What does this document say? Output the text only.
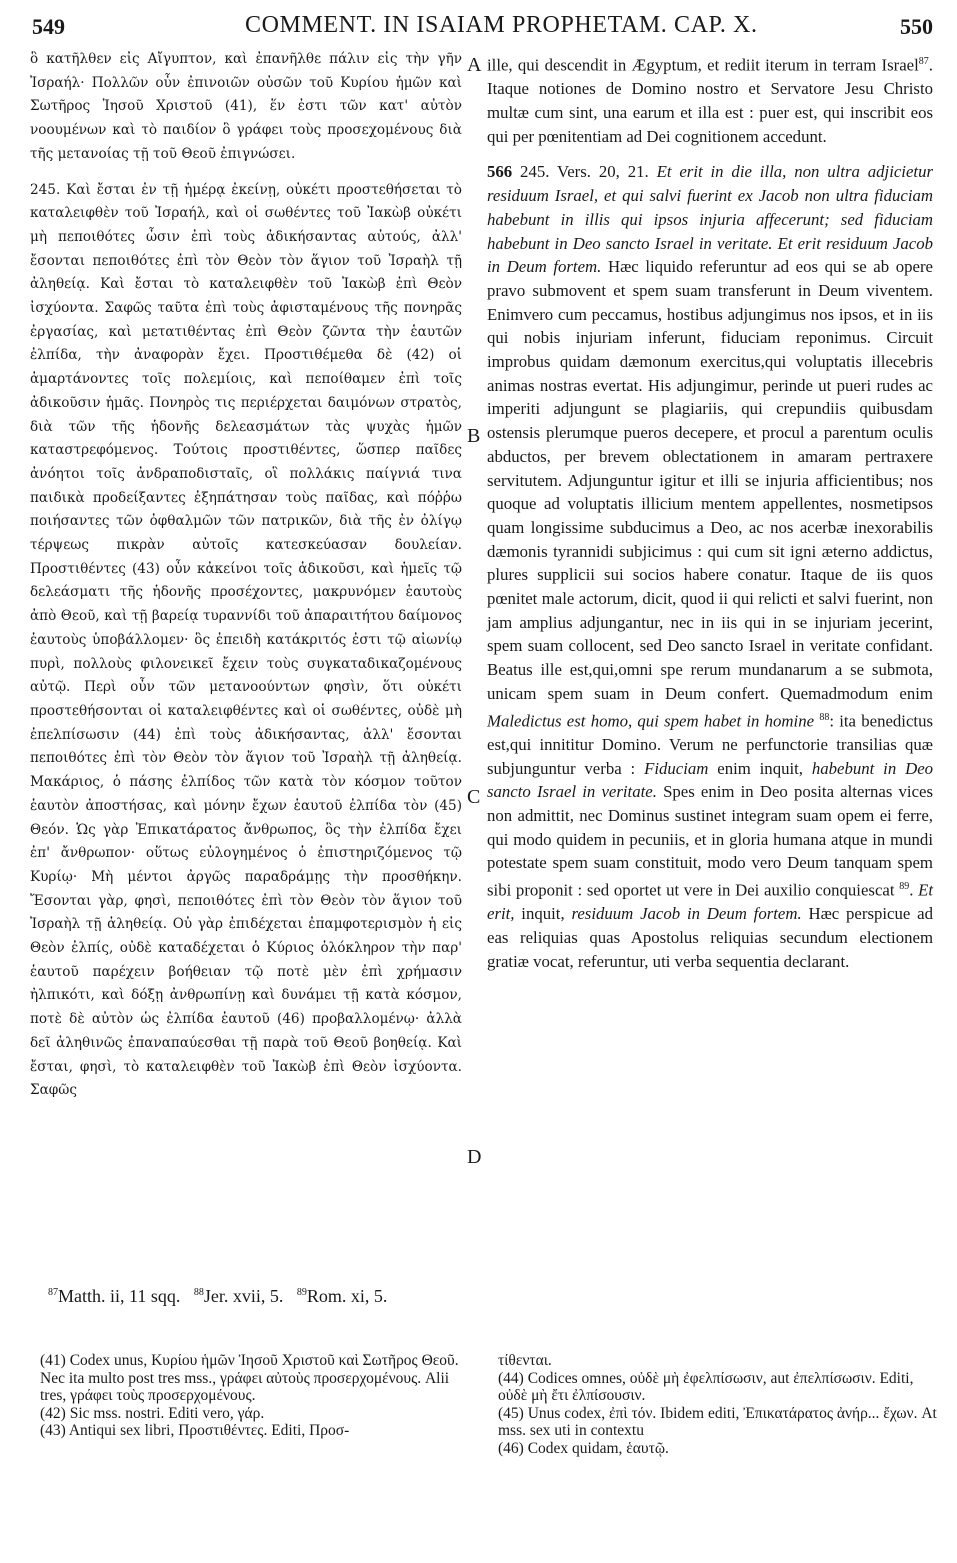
549	COMMENT. IN ISAIAM PROPHETAM. CAP. X.	550

ὃ κατῆλθεν εἰς Αἴγυπτον, καὶ ἐπανῆλθε πάλιν εἰς τὴν γῆν Ἰσραήλ· Πολλῶν οὖν ἐπινοιῶν οὐσῶν τοῦ Κυρίου ἡμῶν καὶ Σωτῆρος Ἰησοῦ Χριστοῦ (41), ἕν ἐστι τῶν κατ' αὐτὸν νοουμένων καὶ τὸ παιδίον ὃ γράφει τοὺς προσεχομένους διὰ τῆς μετανοίας τῇ τοῦ Θεοῦ ἐπιγνώσει.

245. Καὶ ἔσται ἐν τῇ ἡμέρᾳ ἐκείνῃ, οὐκέτι προστεθήσεται τὸ καταλειφθὲν τοῦ Ἰσραήλ, καὶ οἱ σωθέντες τοῦ Ἰακὼβ οὐκέτι μὴ πεποιθότες ὦσιν ἐπὶ τοὺς ἀδικήσαντας αὐτούς, ἀλλ' ἔσονται πεποιθότες ἐπὶ τὸν Θεὸν τὸν ἅγιον τοῦ Ἰσραὴλ τῇ ἀληθείᾳ. Καὶ ἔσται τὸ καταλειφθὲν τοῦ Ἰακὼβ ἐπὶ Θεὸν ἰσχύοντα. Σαφῶς ταῦτα ἐπὶ τοὺς ἀφισταμένους τῆς πονηρᾶς ἐργασίας, καὶ μετατιθέντας ἐπὶ Θεὸν ζῶντα τὴν ἑαυτῶν ἐλπίδα, τὴν ἀναφορὰν ἔχει. Προστιθέμεθα δὲ (42) οἱ ἁμαρτάνοντες τοῖς πολεμίοις, καὶ πεποίθαμεν ἐπὶ τοῖς ἀδικοῦσιν ἡμᾶς. Πονηρὸς τις περιέρχεται δαιμόνων στρατὸς, διὰ τῶν τῆς ἡδονῆς δελεασμάτων τὰς ψυχὰς ἡμῶν καταστρεφόμενος. Τούτοις προστιθέντες, ὥσπερ παῖδες ἀνόητοι τοῖς ἀνδραποδισταῖς, οἳ πολλάκις παίγνιά τινα παιδικὰ προδείξαντες ἐξηπάτησαν τοὺς παῖδας, καὶ πόῤῥω ποιήσαντες τῶν ὀφθαλμῶν τῶν πατρικῶν, διὰ τῆς ἐν ὀλίγῳ τέρψεως πικρὰν αὐτοῖς κατεσκεύασαν δουλείαν. Προστιθέντες (43) οὖν κἀκείνοι τοῖς ἀδικοῦσι, καὶ ἡμεῖς τῷ δελεάσματι τῆς ἡδονῆς προσέχοντες, μακρυνόμεν ἑαυτοὺς ἀπὸ Θεοῦ, καὶ τῇ βαρείᾳ τυραννίδι τοῦ ἀπαραιτήτου δαίμονος ἑαυτοὺς ὑποβάλλομεν· ὃς ἐπειδὴ κατάκριτός ἐστι τῷ αἰωνίῳ πυρὶ, πολλοὺς φιλονεικεῖ ἔχειν τοὺς συγκαταδικαζομένους αὐτῷ. Περὶ οὖν τῶν μετανοούντων φησὶν, ὅτι οὐκέτι προστεθήσονται οἱ καταλειφθέντες καὶ οἱ σωθέντες, οὐδὲ μὴ ἐπελπίσωσιν (44) ἐπὶ τοὺς ἀδικήσαντας, ἀλλ' ἔσονται πεποιθότες ἐπὶ τὸν Θεὸν τὸν ἅγιον τοῦ Ἰσραὴλ τῇ ἀληθείᾳ. Μακάριος, ὁ πάσης ἐλπίδος τῶν κατὰ τὸν κόσμον τοῦτον ἑαυτὸν ἀποστήσας, καὶ μόνην ἔχων ἑαυτοῦ ἐλπίδα τὸν (45) Θεόν. Ὡς γὰρ Ἐπικατάρατος ἄνθρωπος, ὃς τὴν ἐλπίδα ἔχει ἐπ' ἄνθρωπον· οὕτως εὐλογημένος ὁ ἐπιστηριζόμενος τῷ Κυρίῳ· Μὴ μέντοι ἀργῶς παραδράμῃς τὴν προσθήκην. Ἔσονται γὰρ, φησὶ, πεποιθότες ἐπὶ τὸν Θεὸν τὸν ἅγιον τοῦ Ἰσραὴλ τῇ ἀληθείᾳ. Οὐ γὰρ ἐπιδέχεται ἐπαμφοτερισμὸν ἡ εἰς Θεὸν ἐλπίς, οὐδὲ καταδέχεται ὁ Κύριος ὁλόκληρον τὴν παρ' ἑαυτοῦ παρέχειν βοήθειαν τῷ ποτὲ μὲν ἐπὶ χρήμασιν ἠλπικότι, καὶ δόξῃ ἀνθρωπίνῃ καὶ δυνάμει τῇ κατὰ κόσμον, ποτὲ δὲ αὐτὸν ὡς ἐλπίδα ἑαυτοῦ (46) προβαλλομένῳ· ἀλλὰ δεῖ ἀληθινῶς ἐπαναπαύεσθαι τῇ παρὰ τοῦ Θεοῦ βοηθείᾳ. Καὶ ἔσται, φησὶ, τὸ καταλειφθὲν τοῦ Ἰακὼβ ἐπὶ Θεὸν ἰσχύοντα. Σαφῶς

A
B
C
D

ille, qui descendit in Ægyptum, et rediit iterum in terram Israel$^{87}$. Itaque notiones de Domino nostro et Servatore Jesu Christo multæ cum sint, una earum et illa est : puer est, qui inscribit eos qui per pœnitentiam ad Dei cognitionem accedunt.

566 245. Vers. 20, 21. Et erit in die illa, non ultra adjicietur residuum Israel, et qui salvi fuerint ex Jacob non ultra fiduciam habebunt in illis qui ipsos injuria affecerunt; sed fiduciam habebunt in Deo sancto Israel in veritate. Et erit residuum Jacob in Deum fortem. Hæc liquido referuntur ad eos qui se ab opere pravo submovent et spem suam transferunt in Deum viventem. Enimvero cum peccamus, hostibus adjungimus nos ipsos, et in iis qui nobis injuriam inferunt, fiduciam reponimus. Circuit improbus quidam dæmonum exercitus,qui voluptatis illecebris animas nostras evertat. His adjungimur, perinde ut pueri rudes ac imperiti adjungunt se plagiariis, qui crepundiis quibusdam ostensis plerumque pueros decepere, et procul a parentum oculis abductos, per brevem oblectationem in amaram pertraxere servitutem. Adjunguntur igitur et illi se injuria afficientibus; nos quoque ad voluptatis illicium mentem appellentes, nosmetipsos quam longissime subducimus a Deo, ac nos acerbæ inexorabilis dæmonis tyrannidi subjicimus : qui cum sit igni æterno addictus, plures supplicii sui socios habere conatur. Itaque de iis quos pœnitet male actorum, dicit, quod ii qui relicti et salvi fuerint, non jam amplius adjungantur, nec in iis qui in se injuriam jecerint, spem suam collocent, sed Deo sancto Israel in veritate confidant. Beatus ille est,qui,omni spe rerum mundanarum a se submota, unicam spem suam in Deum confert. Quemadmodum enim Maledictus est homo, qui spem habet in homine $^{88}$: ita benedictus est,qui innititur Domino. Verum ne perfunctorie transilias quæ subjunguntur verba : Fiduciam enim inquit, habebunt in Deo sancto Israel in veritate. Spes enim in Deo posita alternas vices non admittit, nec Dominus sustinet integram suam opem ei ferre, qui modo quidem in pecuniis, et in gloria humana atque in mundi potestate spem suam constituit, modo vero Deum tanquam spem sibi proponit : sed oportet ut vere in Dei auxilio conquiescat $^{89}$. Et erit, inquit, residuum Jacob in Deum fortem. Hæc perspicue ad eas reliquias quas Apostolus reliquias secundum electionem gratiæ vocat, referuntur, uti verba sequentia declarant.

$^{87}$Matth. ii, 11 sqq. $^{88}$Jer. xvii, 5. $^{89}$Rom. xi, 5.

(41) Codex unus, Κυρίου ἡμῶν Ἰησοῦ Χριστοῦ καὶ Σωτῆρος Θεοῦ. Nec ita multo post tres mss., γράφει αὐτοὺς προσερχομένους. Alii tres, γράφει τοὺς προσερχομένους.

(42) Sic mss. nostri. Editi vero, γάρ.

(43) Antiqui sex libri, Προστιθέντες. Editi, Προσ-

τίθενται.

(44) Codices omnes, οὐδὲ μὴ ἐφελπίσωσιν, aut ἐπελπίσωσιν. Editi, οὐδὲ μὴ ἔτι ἐλπίσουσιν.

(45) Unus codex, ἐπὶ τόν. Ibidem editi, Ἐπικατάρατος ἀνήρ... ἔχων. At mss. sex uti in contextu

(46) Codex quidam, ἑαυτῷ.
